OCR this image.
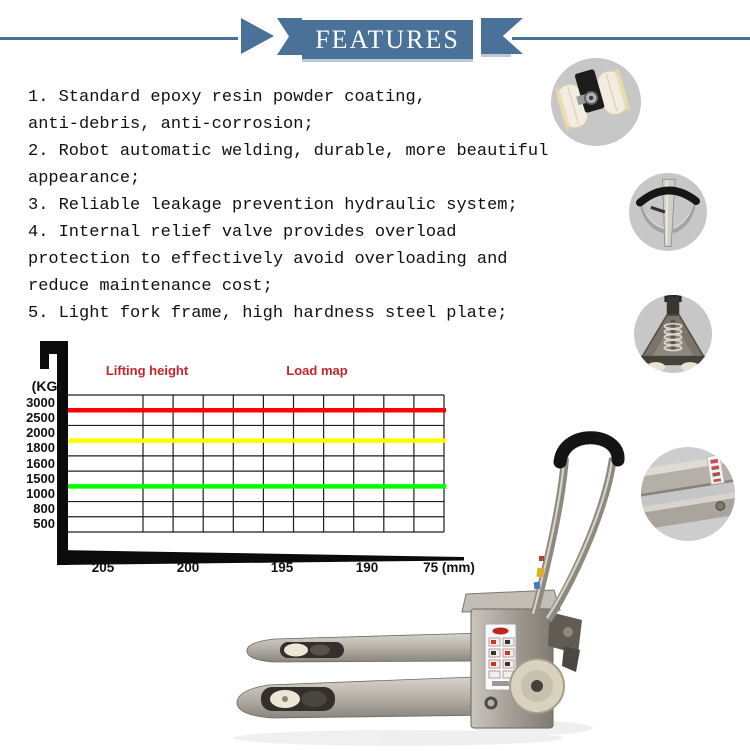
FEATURES
1. Standard epoxy resin powder coating,
anti-debris, anti-corrosion;
2. Robot automatic welding, durable, more beautiful
appearance;
3. Reliable leakage prevention hydraulic system;
4. Internal relief valve provides overload
protection to effectively avoid overloading and
reduce maintenance cost;
5. Light fork frame, high hardness steel plate;
Lifting height	Load map
(KG)
3000
2500
2000
1800
1600
1500
1000
800
500
205	200	195	190	75 (mm)
